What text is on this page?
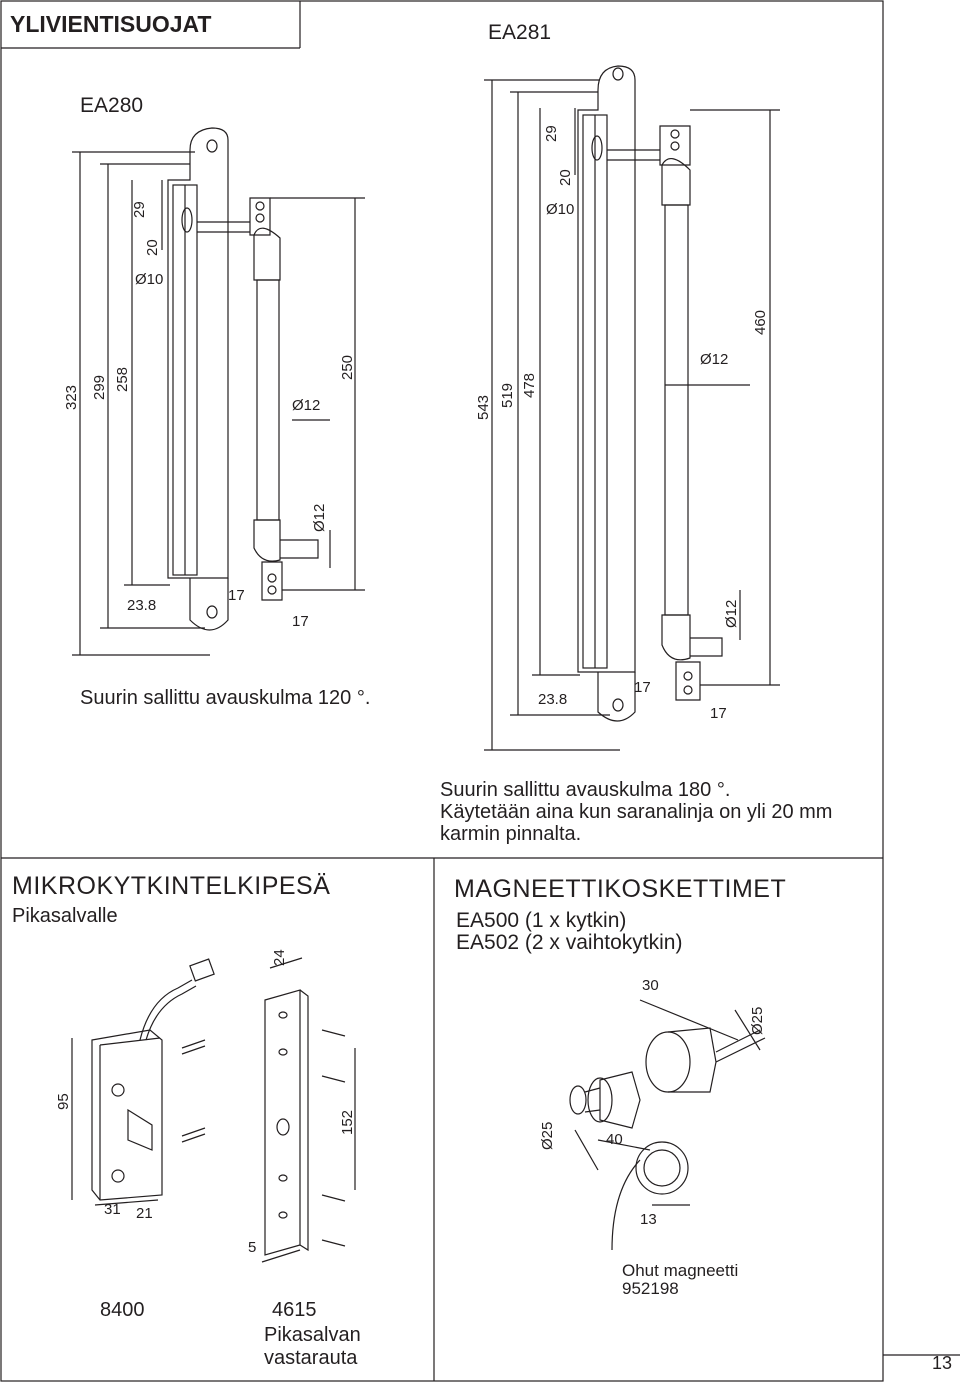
YLIVIENTISUOJAT	EA281
EA280
Suurin sallittu avauskulma 120 °.
Suurin sallittu avauskulma 180 °.
Käytetään aina kun saranalinja on yli 20 mm
karmin pinnalta.
MIKROKYTKINTELKIPESÄ
Pikasalvalle
MAGNEETTIKOSKETTIMET
EA500 (1 x kytkin)
EA502 (2 x vaihtokytkin)
8400	4615
Pikasalvan
vastarauta
Ohut magneetti
952198
13
323 299 258	250
29
20
Ø10
Ø12
Ø12
23.8
17
17
543 519 478
460
29
20
Ø10
Ø12
Ø12
23.8
17
17
95
31 21
24
152
5
30
Ø25
Ø25	40
13
